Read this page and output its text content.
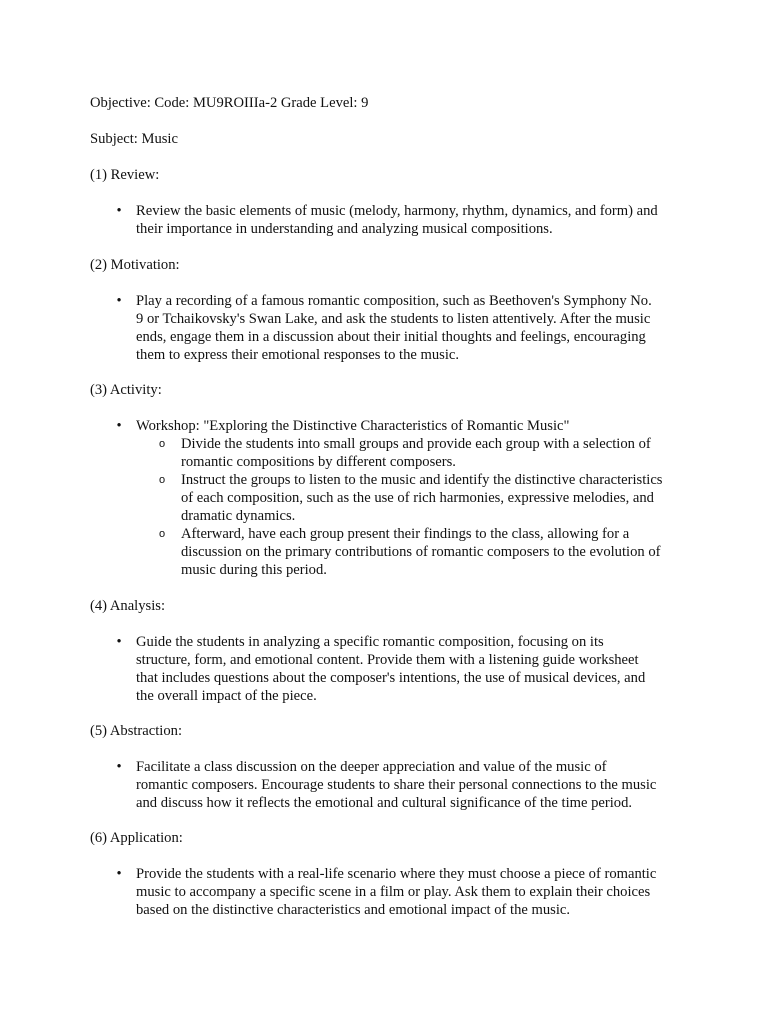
Objective: Code: MU9ROIIIa-2 Grade Level: 9

Subject: Music

(1) Review:

• Review the basic elements of music (melody, harmony, rhythm, dynamics, and form) and
their importance in understanding and analyzing musical compositions.

(2) Motivation:

• Play a recording of a famous romantic composition, such as Beethoven's Symphony No.
9 or Tchaikovsky's Swan Lake, and ask the students to listen attentively. After the music
ends, engage them in a discussion about their initial thoughts and feelings, encouraging
them to express their emotional responses to the music.

(3) Activity:

• Workshop: "Exploring the Distinctive Characteristics of Romantic Music"
o Divide the students into small groups and provide each group with a selection of
romantic compositions by different composers.
o Instruct the groups to listen to the music and identify the distinctive characteristics
of each composition, such as the use of rich harmonies, expressive melodies, and
dramatic dynamics.
o Afterward, have each group present their findings to the class, allowing for a
discussion on the primary contributions of romantic composers to the evolution of
music during this period.

(4) Analysis:

• Guide the students in analyzing a specific romantic composition, focusing on its
structure, form, and emotional content. Provide them with a listening guide worksheet
that includes questions about the composer's intentions, the use of musical devices, and
the overall impact of the piece.

(5) Abstraction:

• Facilitate a class discussion on the deeper appreciation and value of the music of
romantic composers. Encourage students to share their personal connections to the music
and discuss how it reflects the emotional and cultural significance of the time period.

(6) Application:

• Provide the students with a real-life scenario where they must choose a piece of romantic
music to accompany a specific scene in a film or play. Ask them to explain their choices
based on the distinctive characteristics and emotional impact of the music.
